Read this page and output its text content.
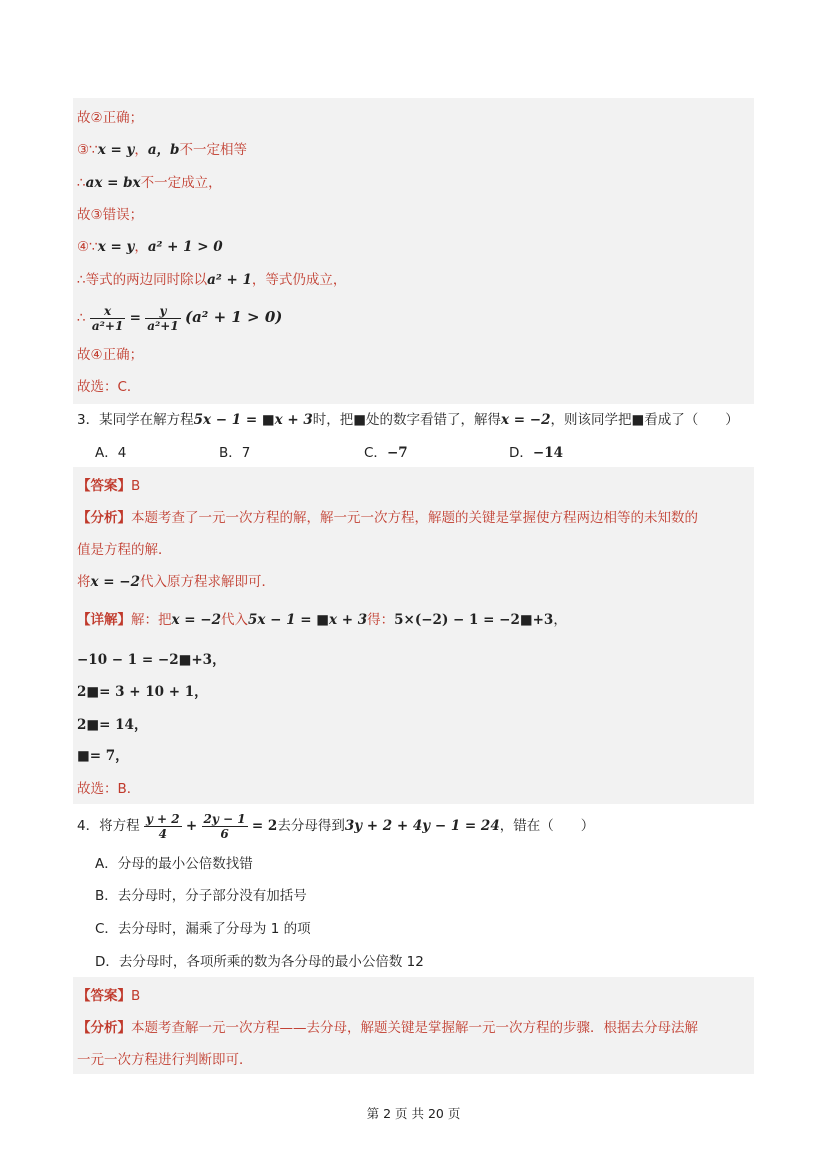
故②正确；
③∵x = y，a，b不一定相等
∴ax = bx不一定成立，
故③错误；
④∵x = y，a² + 1 > 0
∴等式的两边同时除以a² + 1，等式仍成立，
∴ $\frac{x}{\text{a²+1}} = \frac{y}{\text{a²+1}} (a^2 + 1 > 0)$
故④正确；
故选：C．
3．某同学在解方程5x − 1 = ■x + 3时，把■处的数字看错了，解得x = −2，则该同学把■看成了（　　）
A．4	B．7	C．−7	D．−14
【答案】B
【分析】本题考查了一元一次方程的解，解一元一次方程，解题的关键是掌握使方程两边相等的未知数的
值是方程的解．
将x = −2代入原方程求解即可．
【详解】解：把x = −2代入5x − 1 = ■x + 3得：5×(−2) − 1 = −2■+3，
−10 − 1 = −2■+3，
2■= 3 + 10 + 1，
2■= 14，
■= 7，
故选：B．
4．将方程 $\frac{y + 2}{4} + \frac{2y - 1}{6} = 2$去分母得到3y + 2 + 4y − 1 = 24，错在（　　）
A．分母的最小公倍数找错
B．去分母时，分子部分没有加括号
C．去分母时，漏乘了分母为 1 的项
D．去分母时，各项所乘的数为各分母的最小公倍数 12
【答案】B
【分析】本题考查解一元一次方程——去分母，解题关键是掌握解一元一次方程的步骤．根据去分母法解
一元一次方程进行判断即可．
第 2 页 共 20 页
